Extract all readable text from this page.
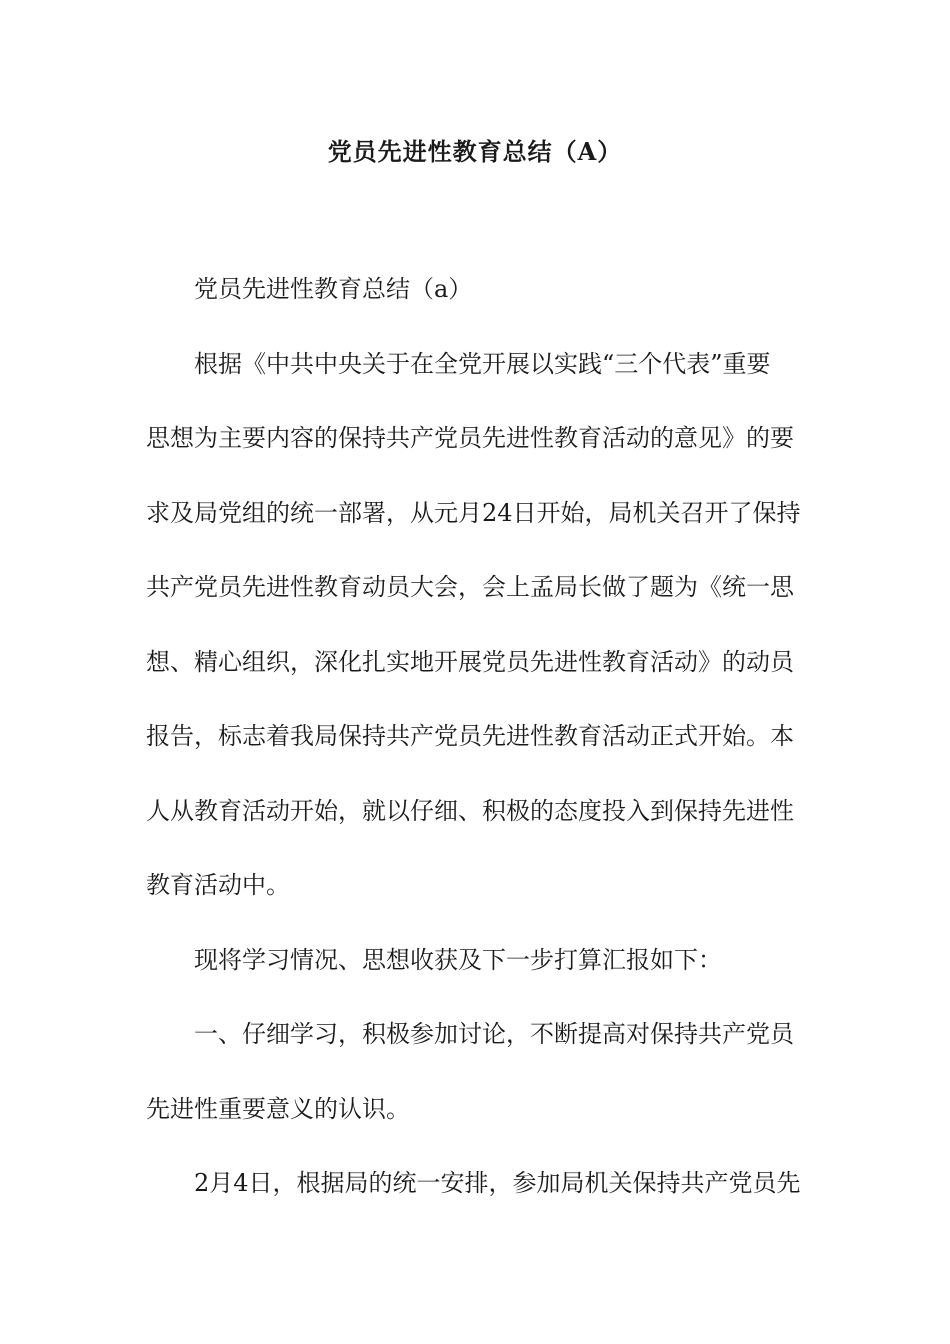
党员先进性教育总结（A）

党员先进性教育总结（a）

根据《中共中央关于在全党开展以实践“三个代表”重要
思想为主要内容的保持共产党员先进性教育活动的意见》的要
求及局党组的统一部署，从元月24日开始，局机关召开了保持
共产党员先进性教育动员大会，会上孟局长做了题为《统一思
想、精心组织，深化扎实地开展党员先进性教育活动》的动员
报告，标志着我局保持共产党员先进性教育活动正式开始。本
人从教育活动开始，就以仔细、积极的态度投入到保持先进性
教育活动中。

现将学习情况、思想收获及下一步打算汇报如下：

一、仔细学习，积极参加讨论，不断提高对保持共产党员
先进性重要意义的认识。

2月4日，根据局的统一安排，参加局机关保持共产党员先
